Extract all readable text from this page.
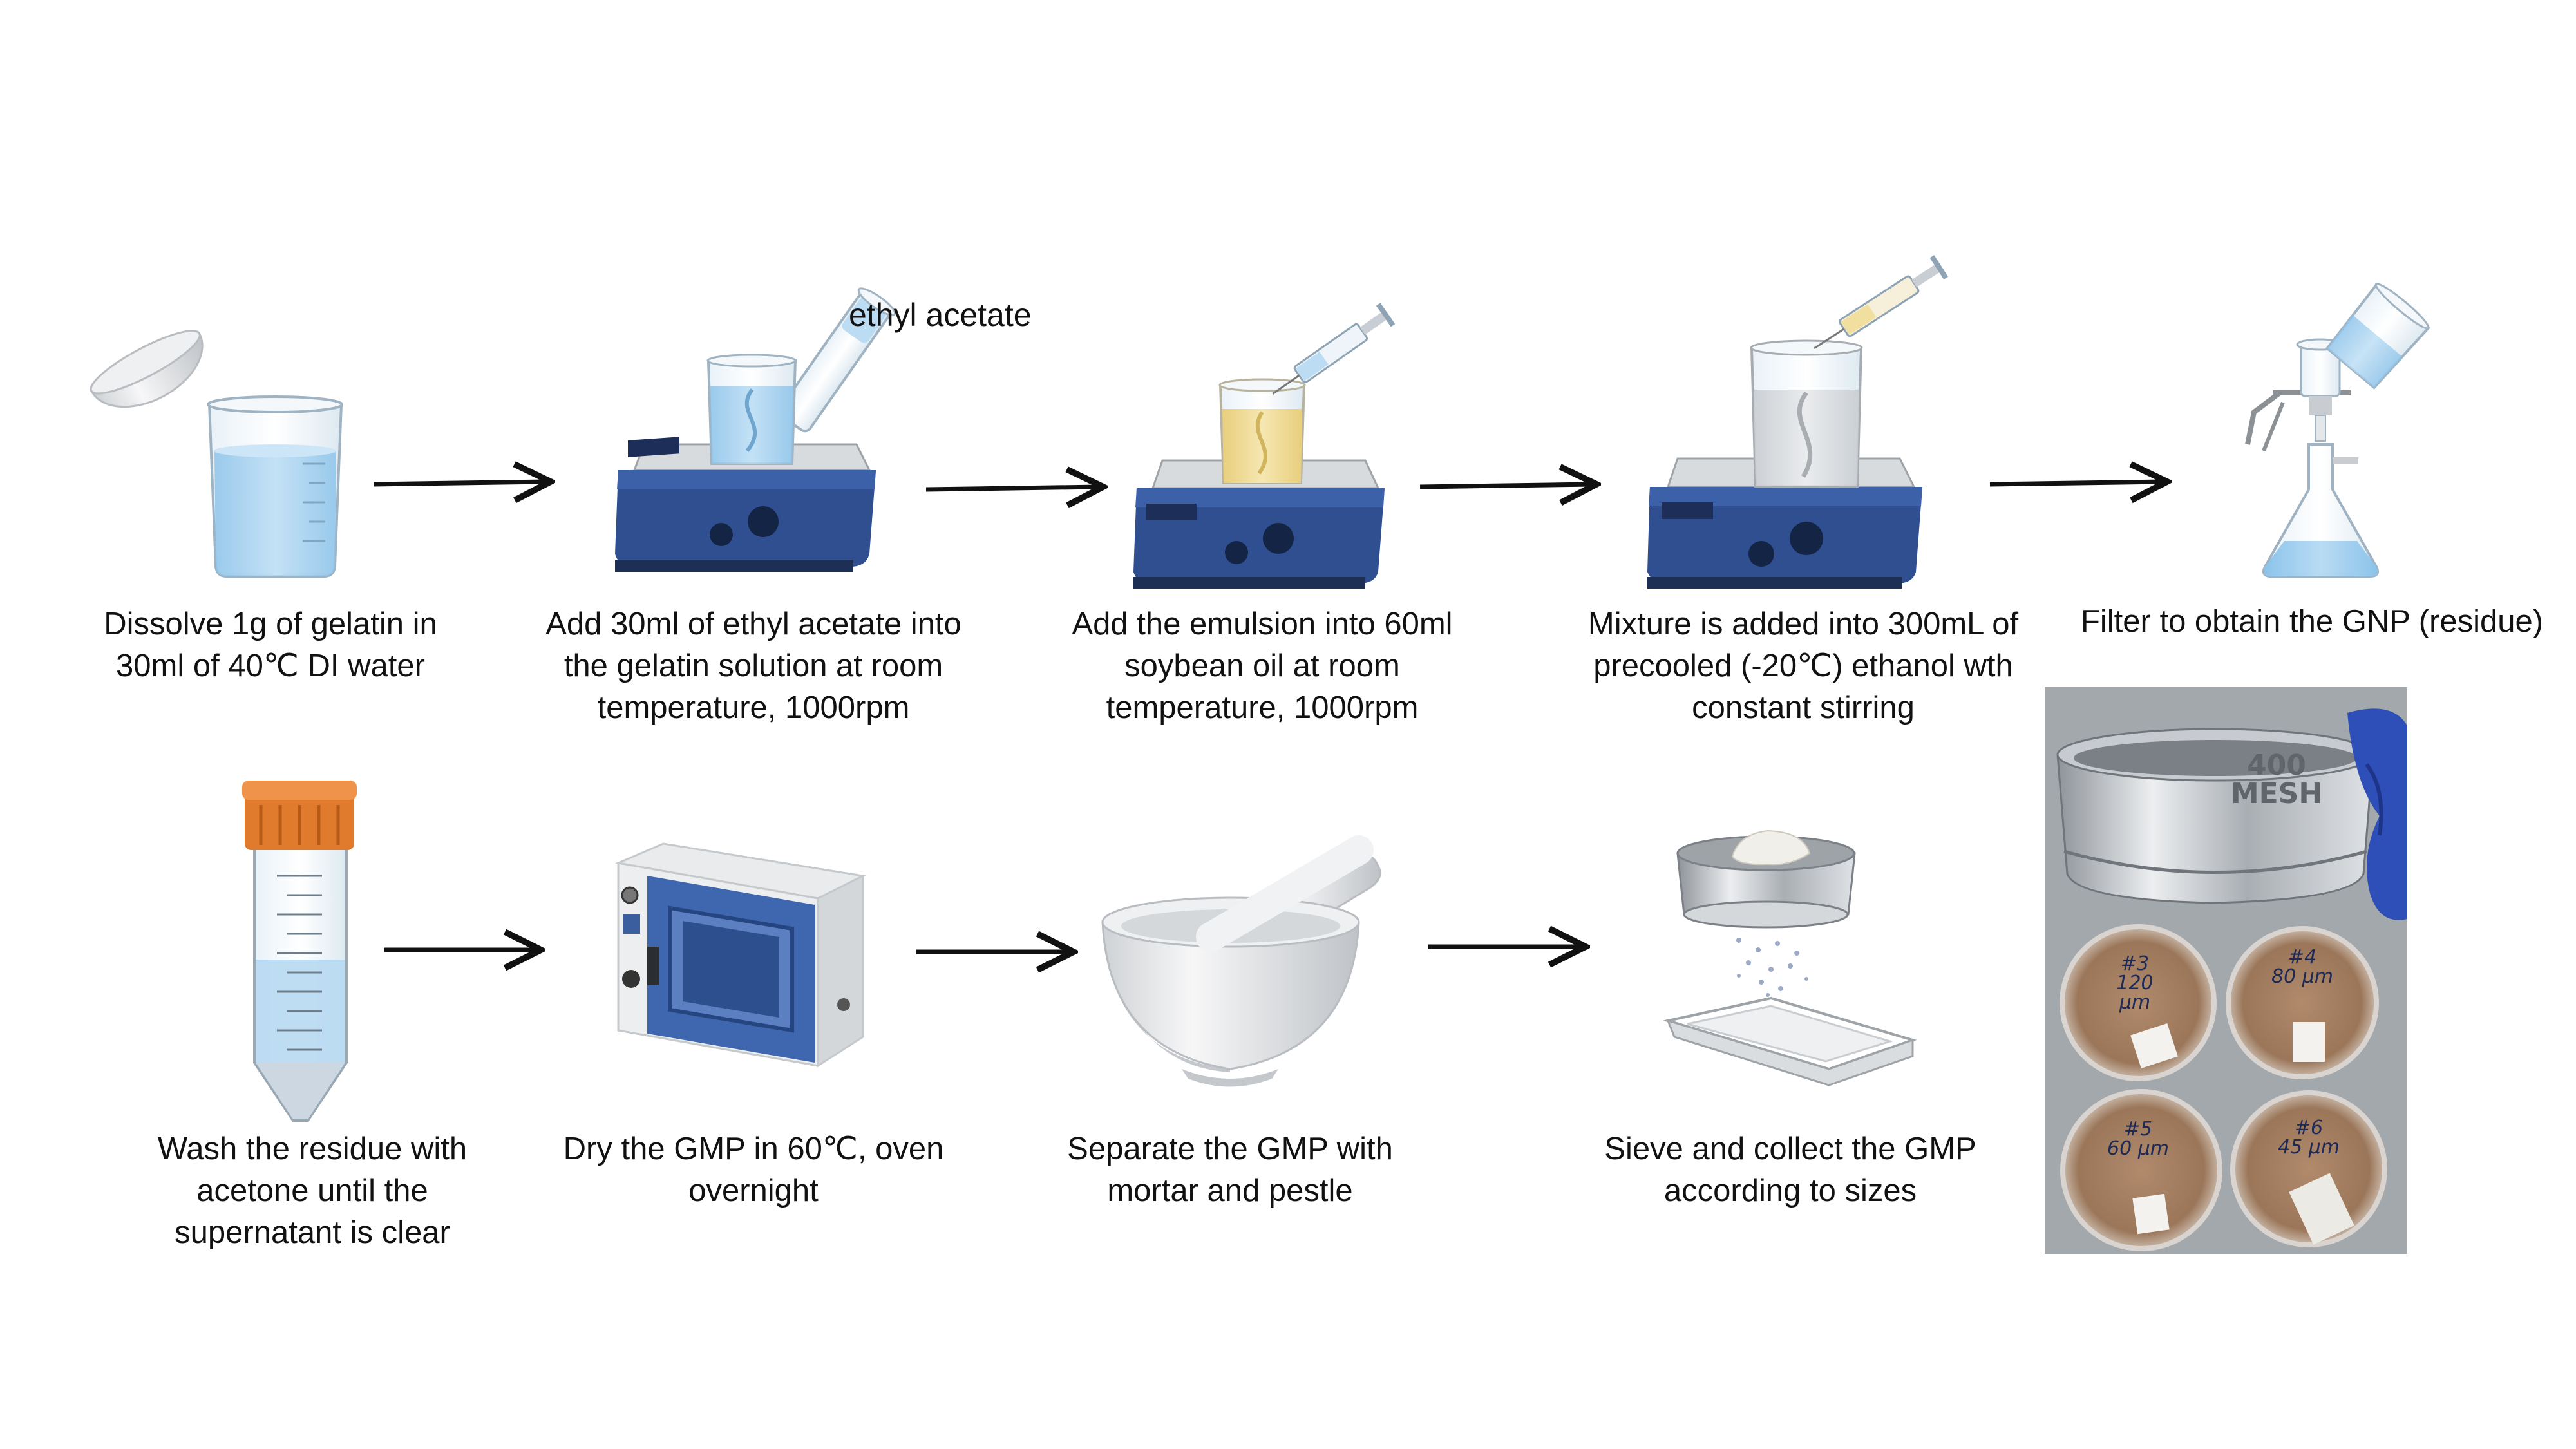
400 MESH
#3
120 μm
#4
80 μm
#5
60 μm
#6
45 μm
ethyl acetate
Dissolve 1g of gelatin in
30ml of 40℃ DI water
Add 30ml of ethyl acetate into
the gelatin solution at room
temperature, 1000rpm
Add the emulsion into 60ml
soybean oil at room
temperature, 1000rpm
Mixture is added into 300mL of
precooled (-20℃) ethanol wth
constant stirring
Filter to obtain the GNP (residue)
Wash the residue with
acetone until the
supernatant is clear
Dry the GMP in 60℃, oven
overnight
Separate the GMP with
mortar and pestle
Sieve and collect the GMP
according to sizes
